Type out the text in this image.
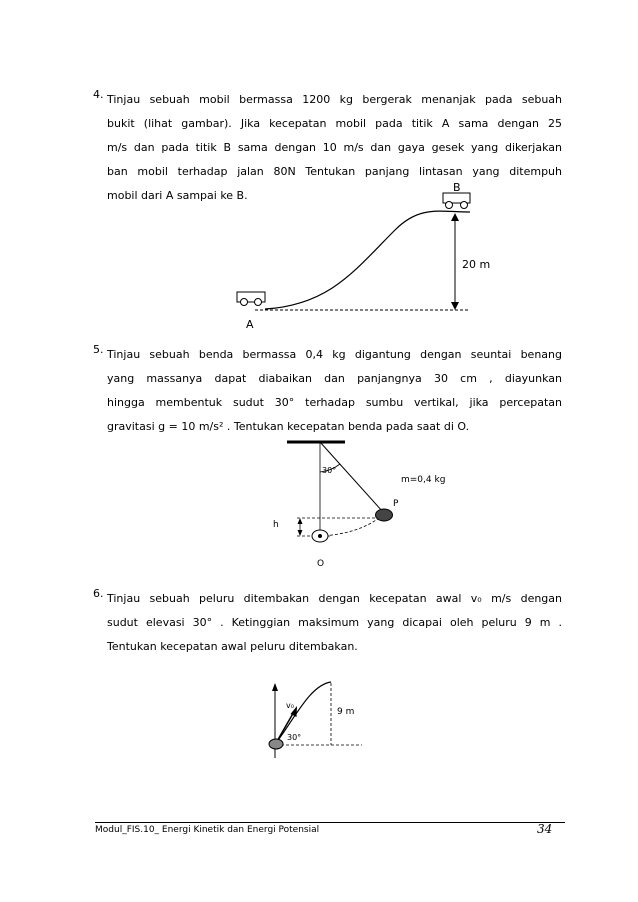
4. Tinjau sebuah mobil bermassa 1200 kg bergerak menanjak pada sebuah
bukit (lihat gambar). Jika kecepatan mobil pada titik A sama dengan 25
m/s dan pada titik B sama dengan 10 m/s dan gaya gesek yang dikerjakan
ban mobil terhadap jalan 80N Tentukan panjang lintasan yang ditempuh
mobil dari A sampai ke B.
B
20 m
A
5. Tinjau sebuah benda bermassa 0,4 kg digantung dengan seuntai benang
yang massanya dapat diabaikan dan panjangnya 30 cm , diayunkan
hingga membentuk sudut 30° terhadap sumbu vertikal, jika percepatan
gravitasi g = 10 m/s² . Tentukan kecepatan benda pada saat di O.
30°
m=0,4 kg
P
h
O
6. Tinjau sebuah peluru ditembakan dengan kecepatan awal v₀ m/s dengan
sudut elevasi 30° . Ketinggian maksimum yang dicapai oleh peluru 9 m .
Tentukan kecepatan awal peluru ditembakan.
v₀
9 m
30°
Modul_FIS.10_ Energi Kinetik dan Energi Potensial	34
